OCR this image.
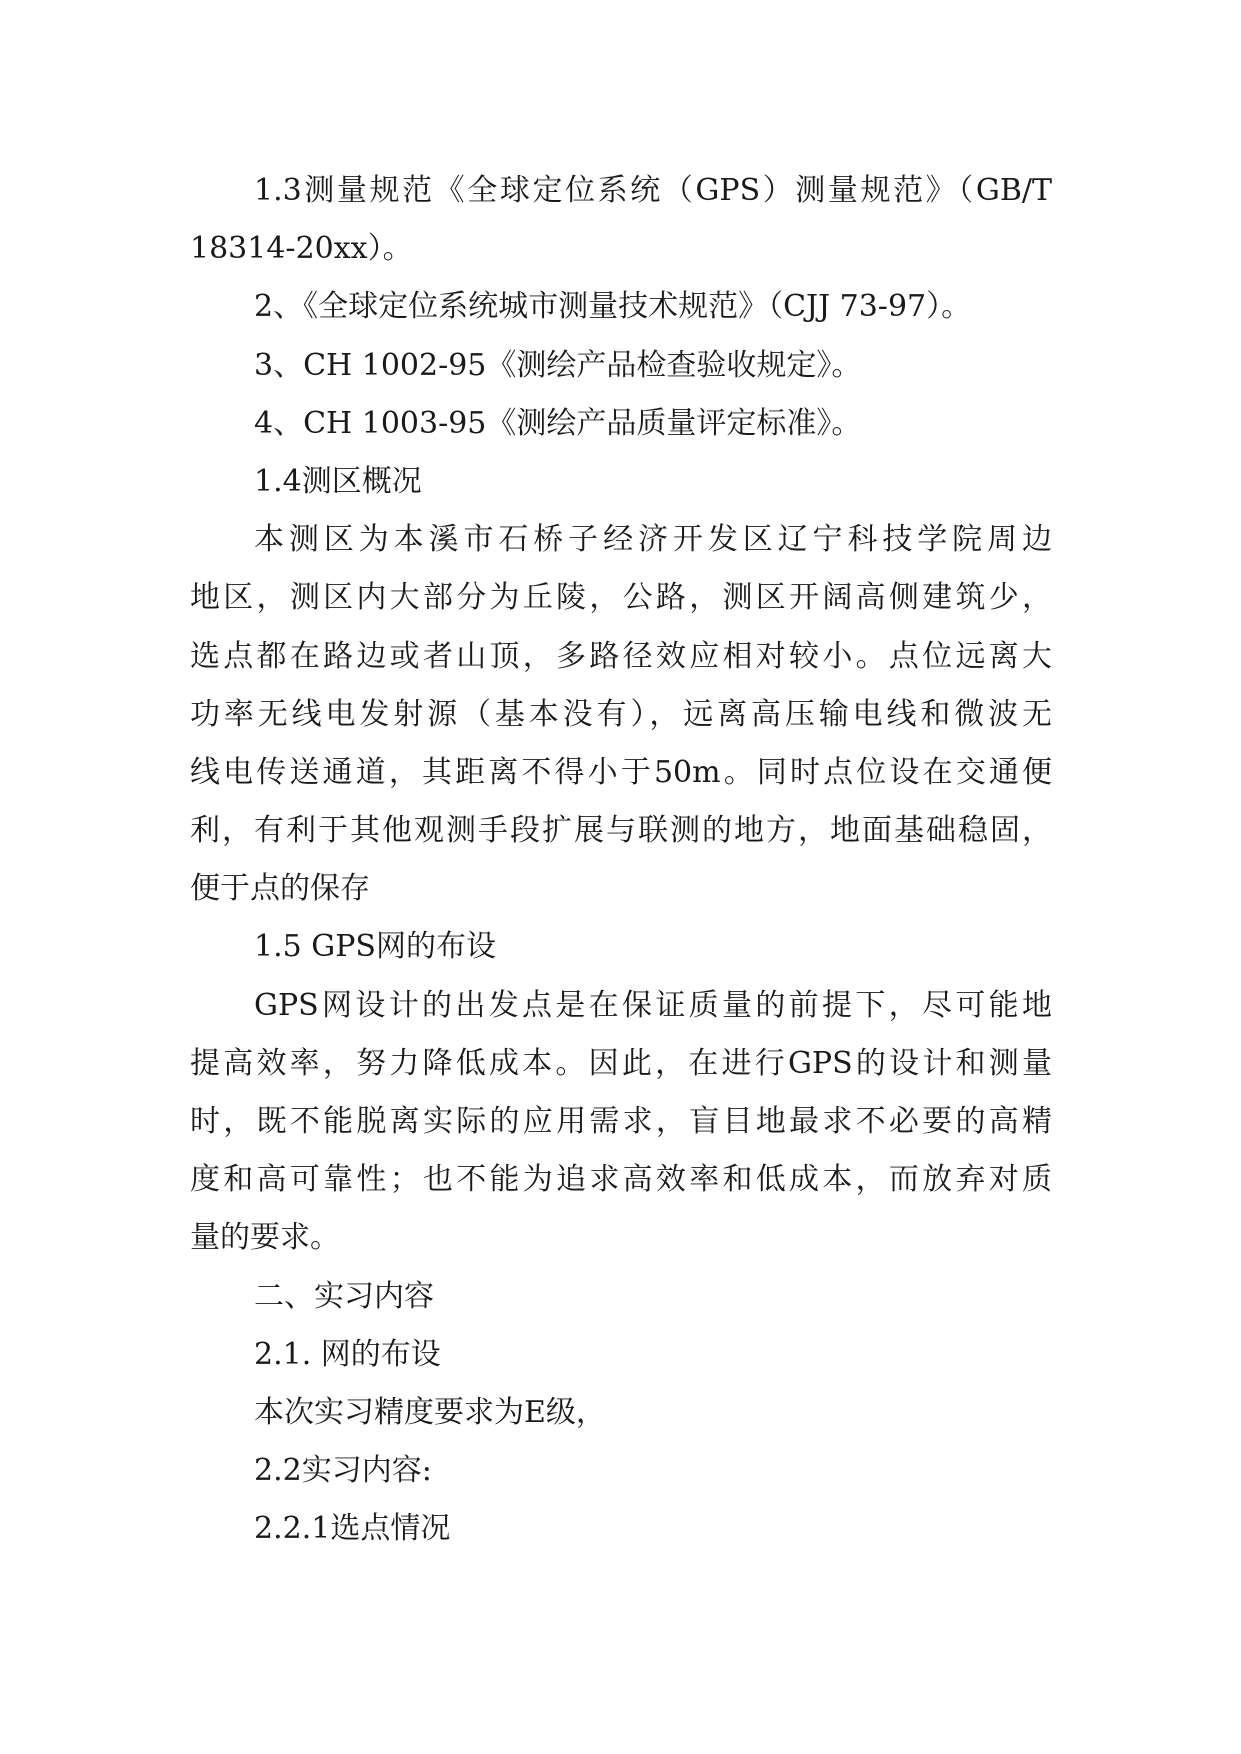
1.3测量规范《全球定位系统（GPS）测量规范》（GB/T
18314-20xx）。
2、《全球定位系统城市测量技术规范》（CJJ 73-97）。
3、CH 1002-95《测绘产品检查验收规定》。
4、CH 1003-95《测绘产品质量评定标准》。
1.4测区概况
本测区为本溪市石桥子经济开发区辽宁科技学院周边
地区，测区内大部分为丘陵，公路，测区开阔高侧建筑少，
选点都在路边或者山顶，多路径效应相对较小。点位远离大
功率无线电发射源（基本没有），远离高压输电线和微波无
线电传送通道，其距离不得小于50m。同时点位设在交通便
利，有利于其他观测手段扩展与联测的地方，地面基础稳固，
便于点的保存
1.5 GPS网的布设
GPS网设计的出发点是在保证质量的前提下，尽可能地
提高效率，努力降低成本。因此，在进行GPS的设计和测量
时，既不能脱离实际的应用需求，盲目地最求不必要的高精
度和高可靠性；也不能为追求高效率和低成本，而放弃对质
量的要求。
二、实习内容
2.1. 网的布设
本次实习精度要求为E级，
2.2实习内容:
2.2.1选点情况
